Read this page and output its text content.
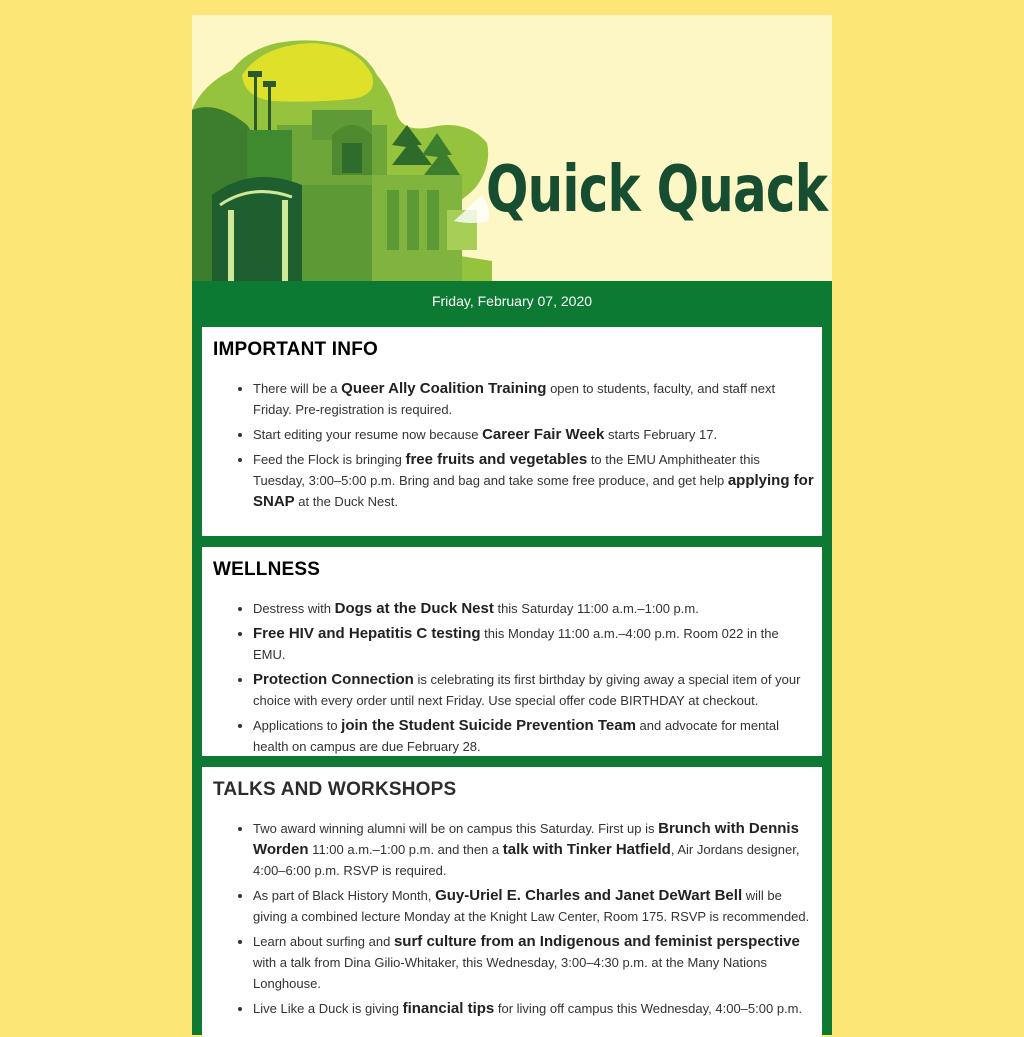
Quick Quack
Friday, February 07, 2020
IMPORTANT INFO
• There will be a Queer Ally Coalition Training open to students, faculty, and staff next Friday. Pre-registration is required.
• Start editing your resume now because Career Fair Week starts February 17.
• Feed the Flock is bringing free fruits and vegetables to the EMU Amphitheater this Tuesday, 3:00–5:00 p.m. Bring and bag and take some free produce, and get help applying for SNAP at the Duck Nest.
WELLNESS
• Destress with Dogs at the Duck Nest this Saturday 11:00 a.m.–1:00 p.m.
• Free HIV and Hepatitis C testing this Monday 11:00 a.m.–4:00 p.m. Room 022 in the EMU.
• Protection Connection is celebrating its first birthday by giving away a special item of your choice with every order until next Friday. Use special offer code BIRTHDAY at checkout.
• Applications to join the Student Suicide Prevention Team and advocate for mental health on campus are due February 28.
TALKS AND WORKSHOPS
• Two award winning alumni will be on campus this Saturday. First up is Brunch with Dennis Worden 11:00 a.m.–1:00 p.m. and then a talk with Tinker Hatfield, Air Jordans designer, 4:00–6:00 p.m. RSVP is required.
• As part of Black History Month, Guy-Uriel E. Charles and Janet DeWart Bell will be giving a combined lecture Monday at the Knight Law Center, Room 175. RSVP is recommended.
• Learn about surfing and surf culture from an Indigenous and feminist perspective with a talk from Dina Gilio-Whitaker, this Wednesday, 3:00–4:30 p.m. at the Many Nations Longhouse.
• Live Like a Duck is giving financial tips for living off campus this Wednesday, 4:00–5:00 p.m.
